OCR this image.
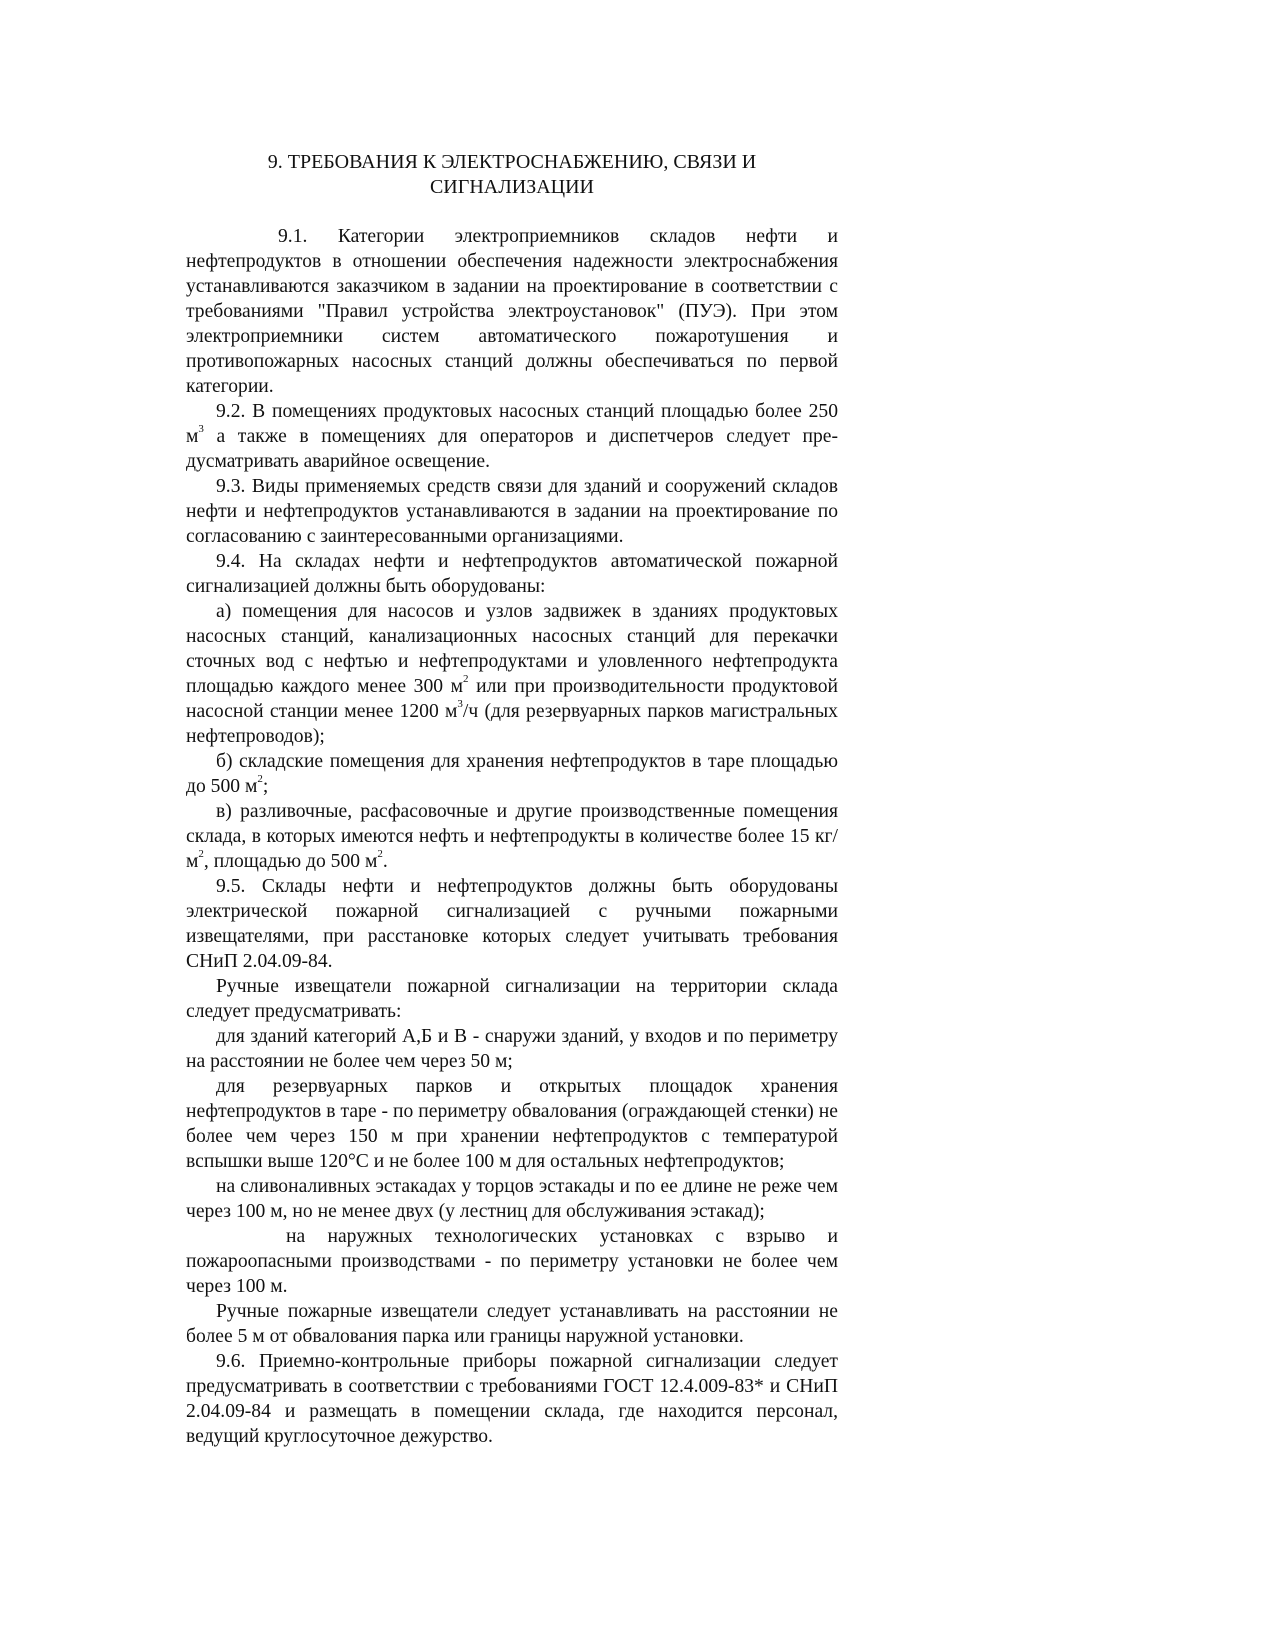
9. ТРЕБОВАНИЯ К ЭЛЕКТРОСНАБЖЕНИЮ, СВЯЗИ И
СИГНАЛИЗАЦИИ

9.1. Категории электроприемников складов нефти и нефтепродуктов в отношении обеспечения надежности электроснабжения устанавливаются заказчиком в задании на проектирование в соответствии с требованиями "Правил устройства электроустановок" (ПУЭ). При этом электроприемники систем автоматического пожаротушения и противопожарных насосных станций должны обеспечиваться по первой категории.

9.2. В помещениях продуктовых насосных станций площадью более 250 $м^3$ а также в помещениях для операторов и диспетчеров следует предусматривать аварийное освещение.

9.3. Виды применяемых средств связи для зданий и сооружений складов нефти и нефтепродуктов устанавливаются в задании на проектирование по согласованию с заинтересованными организациями.

9.4. На складах нефти и нефтепродуктов автоматической пожарной сигнализацией должны быть оборудованы:

а) помещения для насосов и узлов задвижек в зданиях продуктовых насосных станций, канализационных насосных станций для перекачки сточных вод с нефтью и нефтепродуктами и уловленного нефтепродукта площадью каждого менее 300 $м^2$ или при производительности продуктовой насосной станции менее 1200 $м^3/ч$ (для резервуарных парков магистральных нефтепроводов);

б) складские помещения для хранения нефтепродуктов в таре площадью до 500 $м^2$;

в) разливочные, расфасовочные и другие производственные помещения склада, в которых имеются нефть и нефтепродукты в количестве более 15 $кг/м^2$, площадью до 500 $м^2$.

9.5. Склады нефти и нефтепродуктов должны быть оборудованы электрической пожарной сигнализацией с ручными пожарными извещателями, при расстановке которых следует учитывать требования СНиП 2.04.09-84.

Ручные извещатели пожарной сигнализации на территории склада следует предусматривать:

для зданий категорий А,Б и В - снаружи зданий, у входов и по периметру на расстоянии не более чем через 50 м;

для резервуарных парков и открытых площадок хранения нефтепродуктов в таре - по периметру обвалования (ограждающей стенки) не более чем через 150 м при хранении нефтепродуктов с температурой вспышки выше 120°С и не более 100 м для остальных нефтепродуктов;

на сливоналивных эстакадах у торцов эстакады и по ее длине не реже чем через 100 м, но не менее двух (у лестниц для обслуживания эстакад);

на наружных технологических установках с взрыво и пожароопасными производствами - по периметру установки не более чем через 100 м.

Ручные пожарные извещатели следует устанавливать на расстоянии не более 5 м от обвалования парка или границы наружной установки.

9.6. Приемно-контрольные приборы пожарной сигнализации следует предусматривать в соответствии с требованиями ГОСТ 12.4.009-83* и СНиП 2.04.09-84 и размещать в помещении склада, где находится персонал, ведущий круглосуточное дежурство.
